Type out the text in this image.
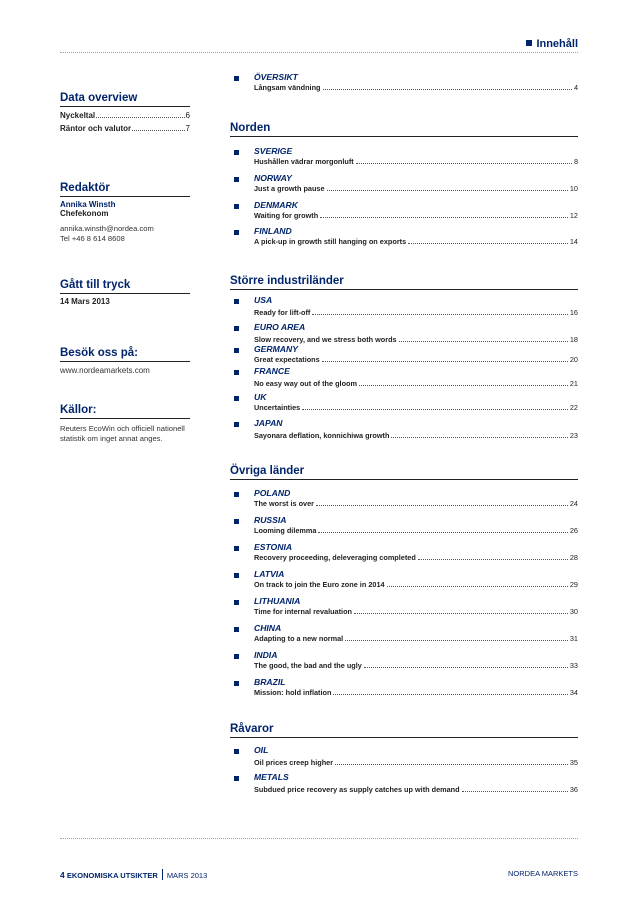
Innehåll
Data overview
Nyckeltal	6
Räntor och valutor	7
Redaktör
Annika Winsth
Chefekonom
annika.winsth@nordea.com
Tel +46 8 614 8608
Gått till tryck
14 Mars 2013
Besök oss på:
www.nordeamarkets.com
Källor:
Reuters EcoWin och officiell nationell statistik om inget annat anges.
ÖVERSIKT
Långsam vändning	4
Norden
SVERIGE
Hushållen vädrar morgonluft	8
NORWAY
Just a growth pause	10
DENMARK
Waiting for growth	12
FINLAND
A pick-up in growth still hanging on exports	14
Större industriländer
USA
Ready for lift-off	16
EURO AREA
Slow recovery, and we stress both words	18
GERMANY
Great expectations	20
FRANCE
No easy way out of the gloom	21
UK
Uncertainties	22
JAPAN
Sayonara deflation, konnichiwa growth	23
Övriga länder
POLAND
The worst is over	24
RUSSIA
Looming dilemma	26
ESTONIA
Recovery proceeding, deleveraging completed	28
LATVIA
On track to join the Euro zone in 2014	29
LITHUANIA
Time for internal revaluation	30
CHINA
Adapting to a new normal	31
INDIA
The good, the bad and the ugly	33
BRAZIL
Mission: hold inflation	34
Råvaror
OIL
Oil prices creep higher	35
METALS
Subdued price recovery as supply catches up with demand	36
4 EKONOMISKA UTSIKTER MARS 2013	NORDEA MARKETS
